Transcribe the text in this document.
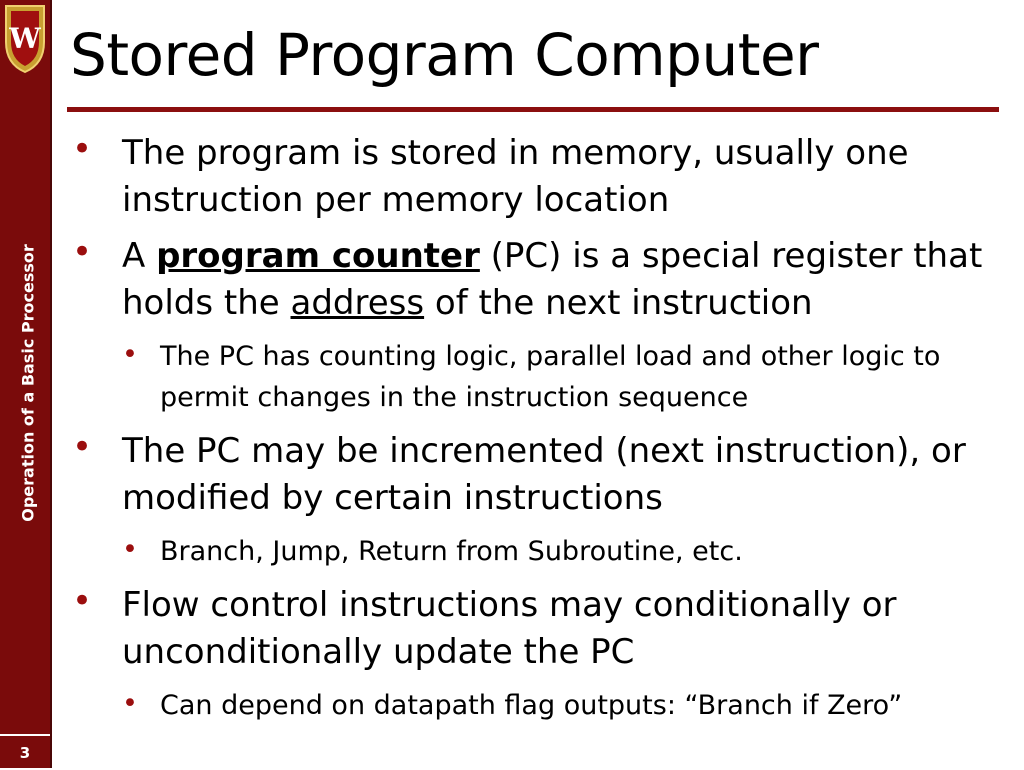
W
Operation of a Basic Processor
3
Stored Program Computer
• The program is stored in memory, usually one instruction per memory location
• A program counter (PC) is a special register that holds the address of the next instruction
• The PC has counting logic, parallel load and other logic to permit changes in the instruction sequence
• The PC may be incremented (next instruction), or modified by certain instructions
• Branch, Jump, Return from Subroutine, etc.
• Flow control instructions may conditionally or unconditionally update the PC
• Can depend on datapath flag outputs: “Branch if Zero”
